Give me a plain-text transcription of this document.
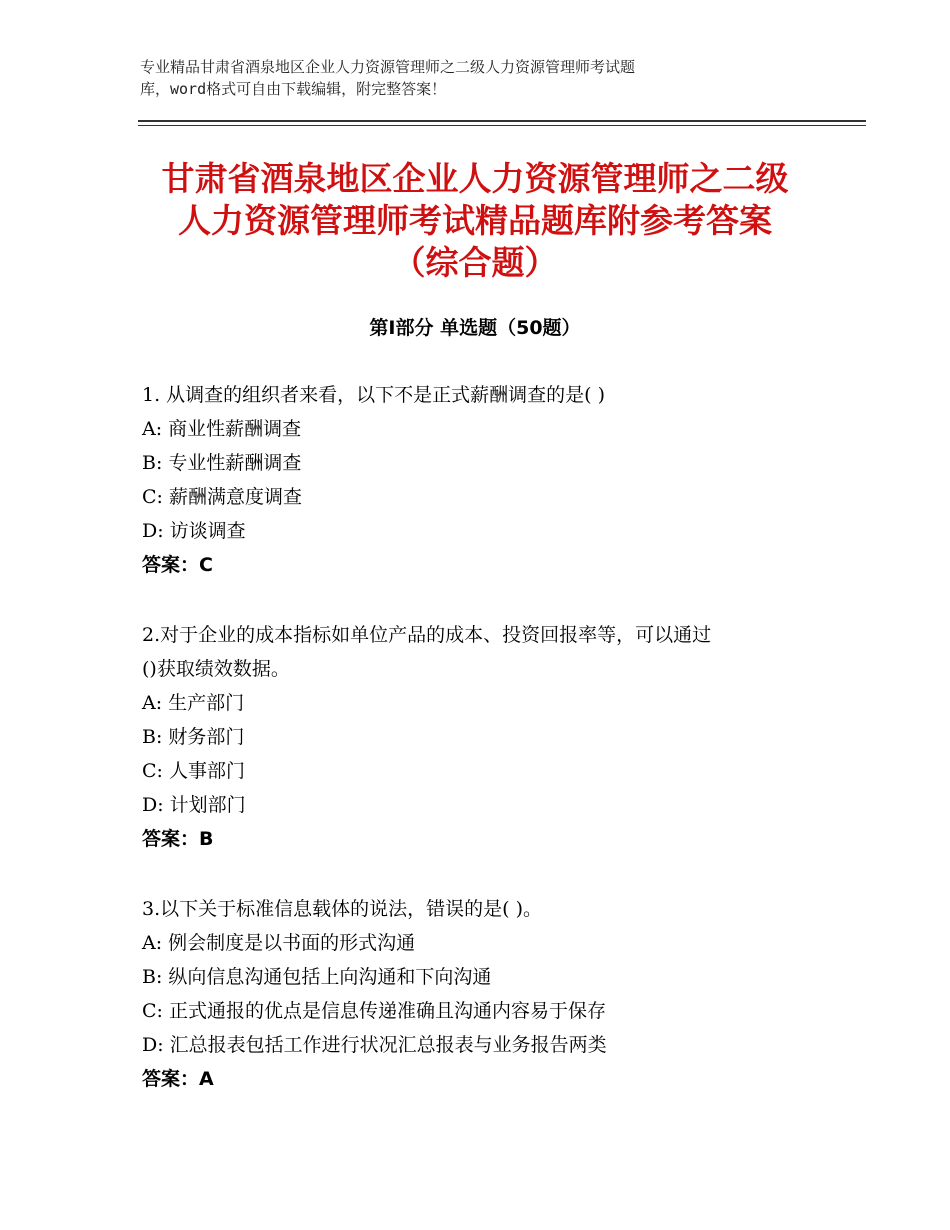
专业精品甘肃省酒泉地区企业人力资源管理师之二级人力资源管理师考试题
库，word格式可自由下载编辑，附完整答案！
甘肃省酒泉地区企业人力资源管理师之二级
人力资源管理师考试精品题库附参考答案
（综合题）
第Ⅰ部分 单选题（50题）
1. 从调查的组织者来看，以下不是正式薪酬调查的是( )
A: 商业性薪酬调查
B: 专业性薪酬调查
C: 薪酬满意度调查
D: 访谈调查
答案：C
2.对于企业的成本指标如单位产品的成本、投资回报率等，可以通过
()获取绩效数据。
A: 生产部门
B: 财务部门
C: 人事部门
D: 计划部门
答案：B
3.以下关于标准信息载体的说法，错误的是( )。
A: 例会制度是以书面的形式沟通
B: 纵向信息沟通包括上向沟通和下向沟通
C: 正式通报的优点是信息传递准确且沟通内容易于保存
D: 汇总报表包括工作进行状况汇总报表与业务报告两类
答案：A
